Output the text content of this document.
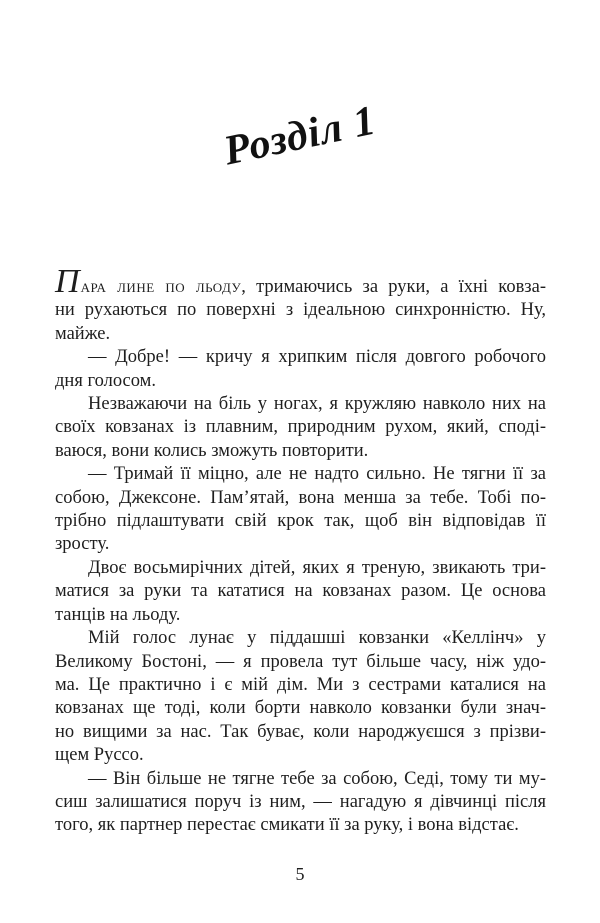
Розділ 1
Пара лине по льоду, тримаючись за руки, а їхні ковза-
ни рухаються по поверхні з ідеальною синхронністю. Ну,
майже.
— Добре! — кричу я хрипким після довгого робочого
дня голосом.
Незважаючи на біль у ногах, я кружляю навколо них на
своїх ковзанах із плавним, природним рухом, який, споді-
ваюся, вони колись зможуть повторити.
— Тримай її міцно, але не надто сильно. Не тягни її за
собою, Джексоне. Пам’ятай, вона менша за тебе. Тобі по-
трібно підлаштувати свій крок так, щоб він відповідав її
зросту.
Двоє восьмирічних дітей, яких я треную, звикають три-
матися за руки та кататися на ковзанах разом. Це основа
танців на льоду.
Мій голос лунає у піддашші ковзанки «Келлінч» у
Великому Бостоні, — я провела тут більше часу, ніж удо-
ма. Це практично і є мій дім. Ми з сестрами каталися на
ковзанах ще тоді, коли борти навколо ковзанки були знач-
но вищими за нас. Так буває, коли народжуєшся з прізви-
щем Руссо.
— Він більше не тягне тебе за собою, Седі, тому ти му-
сиш залишатися поруч із ним, — нагадую я дівчинці після
того, як партнер перестає смикати її за руку, і вона відстає.
5
